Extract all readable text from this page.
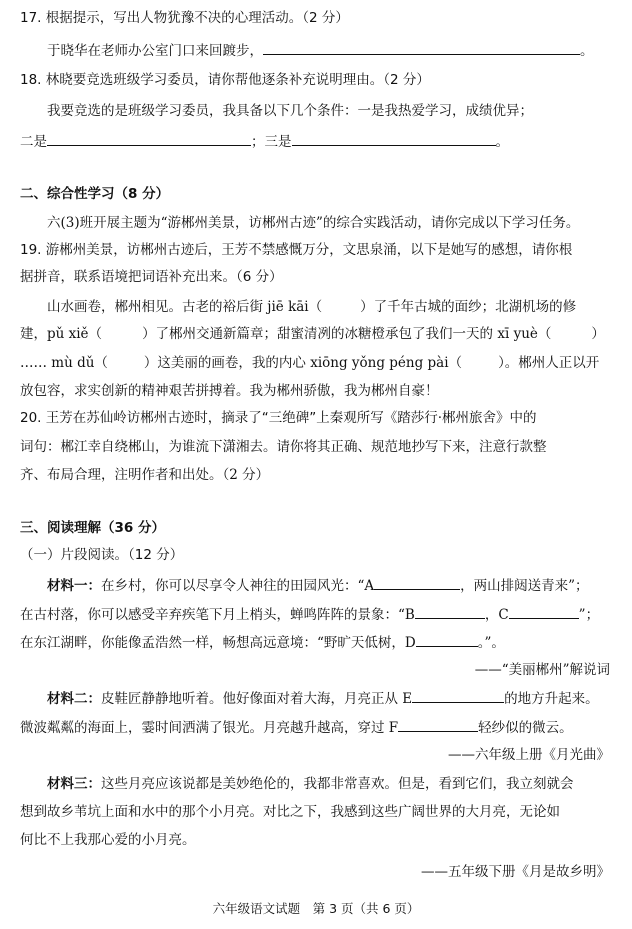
17. 根据提示，写出人物犹豫不决的心理活动。（2 分）
于晓华在老师办公室门口来回踱步，	。
18. 林晓要竞选班级学习委员，请你帮他逐条补充说明理由。（2 分）
我要竞选的是班级学习委员，我具备以下几个条件：一是我热爱学习，成绩优异；
二是	；三是	。
二、综合性学习（8 分）
六(3)班开展主题为“游郴州美景，访郴州古迹”的综合实践活动，请你完成以下学习任务。
19. 游郴州美景，访郴州古迹后，王芳不禁感慨万分，文思泉涌，以下是她写的感想，请你根
据拼音，联系语境把词语补充出来。（6 分）
山水画卷，郴州相见。古老的裕后街 jiē kāi（	）了千年古城的面纱；北湖机场的修
建，pǔ xiě（	）了郴州交通新篇章；甜蜜清冽的冰糖橙承包了我们一天的 xī yuè（	）
…… mù dǔ（	）这美丽的画卷，我的内心 xiōng yǒng péng pài（	）。郴州人正以开
放包容，求实创新的精神艰苦拼搏着。我为郴州骄傲，我为郴州自豪！
20. 王芳在苏仙岭访郴州古迹时，摘录了“三绝碑”上秦观所写《踏莎行·郴州旅舍》中的
词句：郴江幸自绕郴山，为谁流下潇湘去。请你将其正确、规范地抄写下来，注意行款整
齐、布局合理，注明作者和出处。（2 分）
三、阅读理解（36 分）
（一）片段阅读。（12 分）
材料一：在乡村，你可以尽享令人神往的田园风光：“A	，两山排闼送青来”；
在古村落，你可以感受辛弃疾笔下月上梢头，蝉鸣阵阵的景象：“B	，C	”；
在东江湖畔，你能像孟浩然一样，畅想高远意境：“野旷天低树，D	。”。
——“美丽郴州”解说词
材料二：皮鞋匠静静地听着。他好像面对着大海，月亮正从 E	的地方升起来。
微波粼粼的海面上，霎时间洒满了银光。月亮越升越高，穿过 F	轻纱似的微云。
——六年级上册《月光曲》
材料三：这些月亮应该说都是美妙绝伦的，我都非常喜欢。但是，看到它们，我立刻就会
想到故乡苇坑上面和水中的那个小月亮。对比之下，我感到这些广阔世界的大月亮，无论如
何比不上我那心爱的小月亮。
——五年级下册《月是故乡明》
六年级语文试题　第 3 页（共 6 页）
